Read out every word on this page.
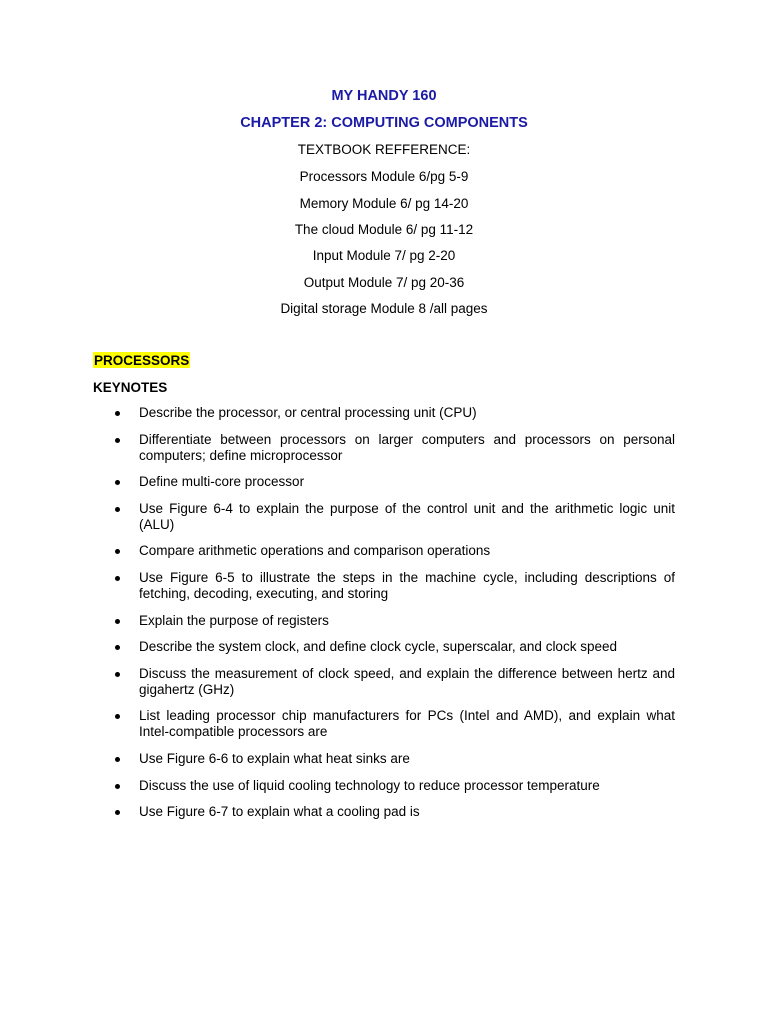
MY HANDY 160
CHAPTER 2: COMPUTING COMPONENTS
TEXTBOOK REFFERENCE:
Processors Module 6/pg 5-9
Memory Module 6/ pg 14-20
The cloud Module 6/ pg 11-12
Input Module 7/ pg 2-20
Output Module 7/ pg 20-36
Digital storage Module 8 /all pages
PROCESSORS
KEYNOTES
Describe the processor, or central processing unit (CPU)
Differentiate between processors on larger computers and processors on personal computers; define microprocessor
Define multi-core processor
Use Figure 6-4 to explain the purpose of the control unit and the arithmetic logic unit (ALU)
Compare arithmetic operations and comparison operations
Use Figure 6-5 to illustrate the steps in the machine cycle, including descriptions of fetching, decoding, executing, and storing
Explain the purpose of registers
Describe the system clock, and define clock cycle, superscalar, and clock speed
Discuss the measurement of clock speed, and explain the difference between hertz and gigahertz (GHz)
List leading processor chip manufacturers for PCs (Intel and AMD), and explain what Intel-compatible processors are
Use Figure 6-6 to explain what heat sinks are
Discuss the use of liquid cooling technology to reduce processor temperature
Use Figure 6-7 to explain what a cooling pad is
